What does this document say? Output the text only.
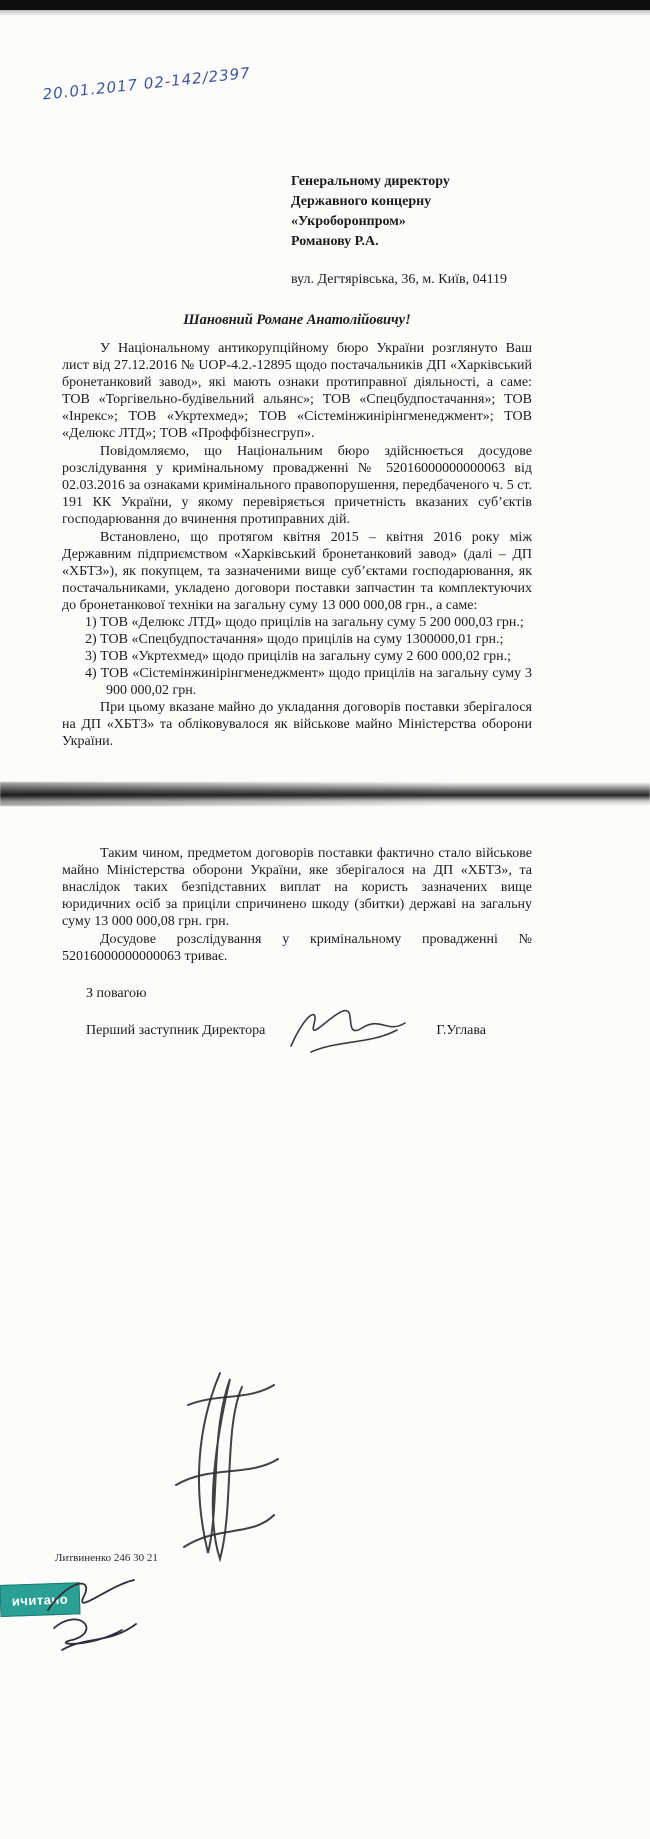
20.01.2017 02-142/2397
Генеральному директору
Державного концерну
«Укроборонпром»
Романову Р.А.
вул. Дегтярівська, 36, м. Київ, 04119
Шановний Романе Анатолійовичу!

У Національному антикорупційному бюро України розглянуто Ваш лист від 27.12.2016 № UOP-4.2.-12895 щодо постачальників ДП «Харківський бронетанковий завод», які мають ознаки протиправної діяльності, а саме: ТОВ «Торгівельно-будівельний альянс»; ТОВ «Спецбудпостачання»; ТОВ «Інрекс»; ТОВ «Укртехмед»; ТОВ «Сістемінжинірінгменеджмент»; ТОВ «Делюкс ЛТД»; ТОВ «Проффбізнесгруп».

Повідомляємо, що Національним бюро здійснюється досудове розслідування у кримінальному провадженні № 52016000000000063 від 02.03.2016 за ознаками кримінального правопорушення, передбаченого ч. 5 ст. 191 КК України, у якому перевіряється причетність вказаних суб’єктів господарювання до вчинення протиправних дій.

Встановлено, що протягом квітня 2015 – квітня 2016 року між Державним підприємством «Харківський бронетанковий завод» (далі – ДП «ХБТЗ»), як покупцем, та зазначеними вище суб’єктами господарювання, як постачальниками, укладено договори поставки запчастин та комплектуючих до бронетанкової техніки на загальну суму 13 000 000,08 грн., а саме:

1) ТОВ «Делюкс ЛТД» щодо прицілів на загальну суму 5 200 000,03 грн.;
2) ТОВ «Спецбудпостачання» щодо прицілів на суму 1300000,01 грн.;
3) ТОВ «Укртехмед» щодо прицілів на загальну суму 2 600 000,02 грн.;
4) ТОВ «Сістемінжинірінгменеджмент» щодо прицілів на загальну суму 3 900 000,02 грн.

При цьому вказане майно до укладання договорів поставки зберігалося на ДП «ХБТЗ» та обліковувалося як військове майно Міністерства оборони України.

Таким чином, предметом договорів поставки фактично стало військове майно Міністерства оборони України, яке зберігалося на ДП «ХБТЗ», та внаслідок таких безпідставних виплат на користь зазначених вище юридичних осіб за приціли спричинено шкоду (збитки) державі на загальну суму 13 000 000,08 грн. грн.

Досудове розслідування у кримінальному провадженні № 52016000000000063 триває.

З повагою
Перший заступник Директора	Г.Углава
Литвиненко 246 30 21
ичитано
